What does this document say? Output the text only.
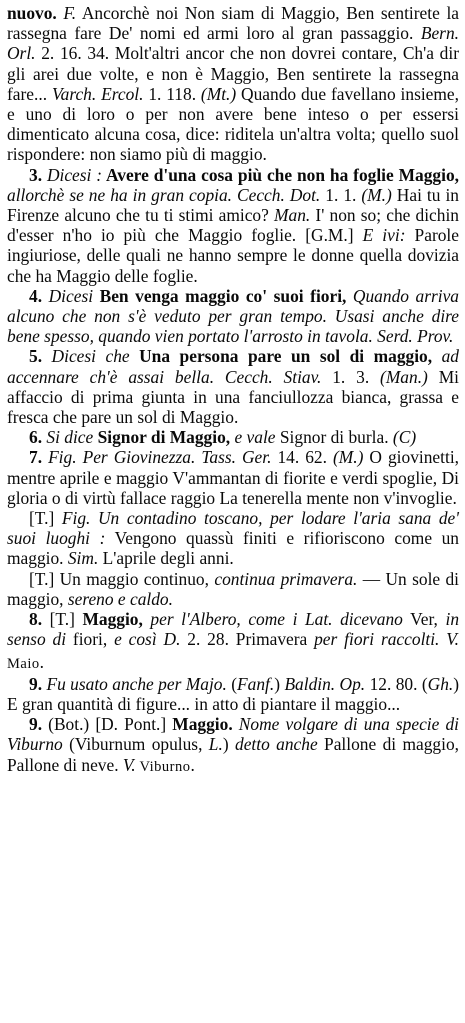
nuovo. F. Ancorchè noi Non siam di Maggio, Ben sentirete la rassegna fare De' nomi ed armi loro al gran passaggio. Bern. Orl. 2. 16. 34. Molt'altri ancor che non dovrei contare, Ch'a dir gli arei due volte, e non è Maggio, Ben sentirete la rassegna fare... Varch. Ercol. 1. 118. (Mt.) Quando due favellano insieme, e uno di loro o per non avere bene inteso o per essersi dimenticato alcuna cosa, dice: riditela un'altra volta; quello suol rispondere: non siamo più di maggio.
3. Dicesi : Avere d'una cosa più che non ha foglie Maggio, allorchè se ne ha in gran copia. Cecch. Dot. 1. 1. (M.) Hai tu in Firenze alcuno che tu ti stimi amico? Man. I' non so; che dichin d'esser n'ho io più che Maggio foglie. [G.M.] E ivi: Parole ingiuriose, delle quali ne hanno sempre le donne quella dovizia che ha Maggio delle foglie.
4. Dicesi Ben venga maggio co' suoi fiori, Quando arriva alcuno che non s'è veduto per gran tempo. Usasi anche dire bene spesso, quando vien portato l'arrosto in tavola. Serd. Prov.
5. Dicesi che Una persona pare un sol di maggio, ad accennare ch'è assai bella. Cecch. Stiav. 1. 3. (Man.) Mi affaccio di prima giunta in una fanciullozza bianca, grassa e fresca che pare un sol di Maggio.
6. Si dice Signor di Maggio, e vale Signor di burla. (C)
7. Fig. Per Giovinezza. Tass. Ger. 14. 62. (M.) O giovinetti, mentre aprile e maggio V'ammantan di fiorite e verdi spoglie, Di gloria o di virtù fallace raggio La tenerella mente non v'invoglie.
[T.] Fig. Un contadino toscano, per lodare l'aria sana de' suoi luoghi : Vengono quassù finiti e rifioriscono come un maggio. Sim. L'aprile degli anni.
[T.] Un maggio continuo, continua primavera. — Un sole di maggio, sereno e caldo.
8. [T.] Maggio, per l'Albero, come i Lat. dicevano Ver, in senso di fiori, e così D. 2. 28. Primavera per fiori raccolti. V. Maio.
9. Fu usato anche per Majo. (Fanf.) Baldin. Op. 12. 80. (Gh.) E gran quantità di figure... in atto di piantare il maggio...
9. (Bot.) [D. Pont.] Maggio. Nome volgare di una specie di Viburno (Viburnum opulus, L.) detto anche Pallone di maggio, Pallone di neve. V. Viburno.
